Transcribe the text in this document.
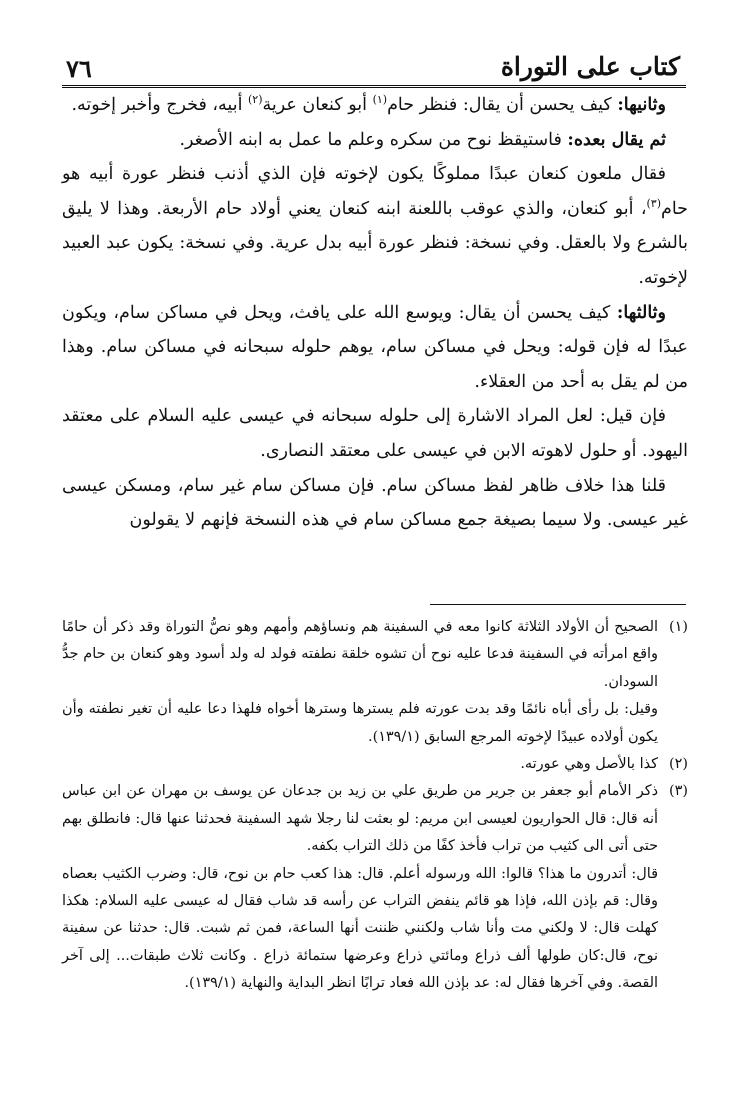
٧٦	كتاب على التوراة

وثانيها: كيف يحسن أن يقال: فنظر حام$^{(١)}$ أبو كنعان عرية$^{(٢)}$ أبيه، فخرج وأخبر إخوته.

ثم يقال بعده: فاستيقظ نوح من سكره وعلم ما عمل به ابنه الأصغر.

فقال ملعون كنعان عبدًا مملوكًا يكون لإخوته فإن الذي أذنب فنظر عورة أبيه هو حام$^{(٣)}$، أبو كنعان، والذي عوقب باللعنة ابنه كنعان يعني أولاد حام الأربعة. وهذا لا يليق بالشرع ولا بالعقل. وفي نسخة: فنظر عورة أبيه بدل عرية. وفي نسخة: يكون عبد العبيد لإخوته.

وثالثها: كيف يحسن أن يقال: ويوسع الله على يافث، ويحل في مساكن سام، ويكون عبدًا له فإن قوله: ويحل في مساكن سام، يوهم حلوله سبحانه في مساكن سام. وهذا من لم يقل به أحد من العقلاء.

فإن قيل: لعل المراد الاشارة إلى حلوله سبحانه في عيسى عليه السلام على معتقد اليهود. أو حلول لاهوته الابن في عيسى على معتقد النصارى.

قلنا هذا خلاف ظاهر لفظ مساكن سام. فإن مساكن سام غير سام، ومسكن عيسى غير عيسى. ولا سيما بصيغة جمع مساكن سام في هذه النسخة فإنهم لا يقولون

(١)

الصحيح أن الأولاد الثلاثة كانوا معه في السفينة هم ونساؤهم وأمهم وهو نصُّ التوراة وقد ذكر أن حامًا واقع امرأته في السفينة فدعا عليه نوح أن تشوه خلقة نطفته فولد له ولد أسود وهو كنعان بن حام جدُّ السودان.

وقيل: بل رأى أباه نائمًا وقد بدت عورته فلم يسترها وسترها أخواه فلهذا دعا عليه أن تغير نطفته وأن يكون أولاده عبيدًا لإخوته المرجع السابق (١٣٩/١).

(٢)

كذا بالأصل وهي عورته.

(٣)

ذكر الأمام أبو جعفر بن جرير من طريق علي بن زيد بن جدعان عن يوسف بن مهران عن ابن عباس أنه قال: قال الحواريون لعيسى ابن مريم: لو بعثت لنا رجلا شهد السفينة فحدثنا عنها قال: فانطلق بهم حتى أتى الى كثيب من تراب فأخذ كفًا من ذلك التراب بكفه.

قال: أتدرون ما هذا؟ قالوا: الله ورسوله أعلم. قال: هذا كعب حام بن نوح، قال: وضرب الكثيب بعصاه وقال: قم بإذن الله، فإذا هو قائم ينفض التراب عن رأسه قد شاب فقال له عيسى عليه السلام: هكذا كهلت قال: لا ولكني مت وأنا شاب ولكنني ظننت أنها الساعة، فمن ثم شبت. قال: حدثنا عن سفينة نوح، قال:كان طولها ألف ذراع ومائتي ذراع وعرضها ستمائة ذراع . وكانت ثلاث طبقات... إلى آخر القصة. وفي آخرها فقال له: عد بإذن الله فعاد ترابًا انظر البداية والنهاية (١٣٩/١).
